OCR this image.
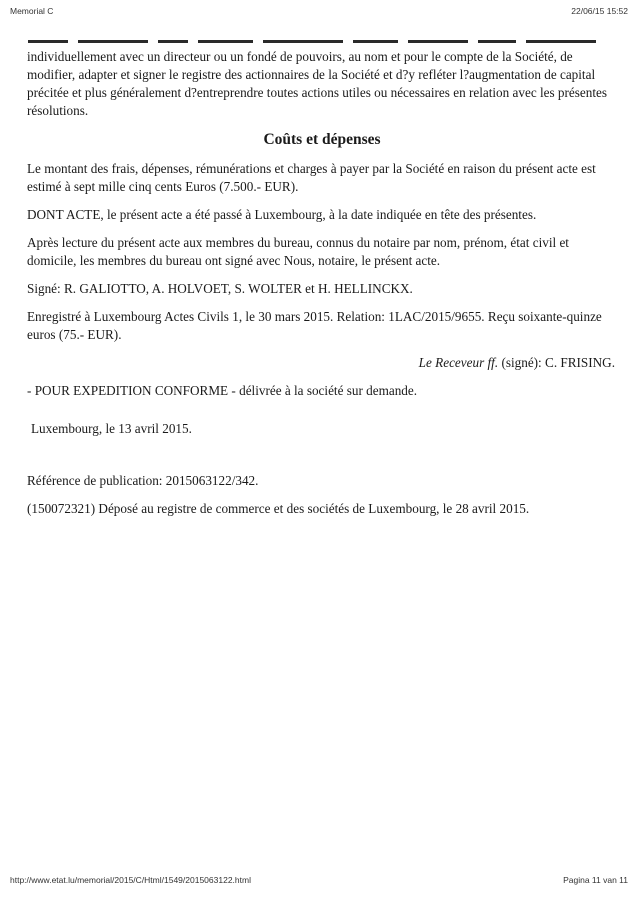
Memorial C	22/06/15 15:52

individuellement avec un directeur ou un fondé de pouvoirs, au nom et pour le compte de la Société, de modifier, adapter et signer le registre des actionnaires de la Société et d?y refléter l?augmentation de capital précitée et plus généralement d?entreprendre toutes actions utiles ou nécessaires en relation avec les présentes résolutions.

Coûts et dépenses

Le montant des frais, dépenses, rémunérations et charges à payer par la Société en raison du présent acte est estimé à sept mille cinq cents Euros (7.500.- EUR).

DONT ACTE, le présent acte a été passé à Luxembourg, à la date indiquée en tête des présentes.

Après lecture du présent acte aux membres du bureau, connus du notaire par nom, prénom, état civil et domicile, les membres du bureau ont signé avec Nous, notaire, le présent acte.

Signé: R. GALIOTTO, A. HOLVOET, S. WOLTER et H. HELLINCKX.

Enregistré à Luxembourg Actes Civils 1, le 30 mars 2015. Relation: 1LAC/2015/9655. Reçu soixante-quinze euros (75.- EUR).

Le Receveur ff. (signé): C. FRISING.

- POUR EXPEDITION CONFORME - délivrée à la société sur demande.

Luxembourg, le 13 avril 2015.

Référence de publication: 2015063122/342.

(150072321) Déposé au registre de commerce et des sociétés de Luxembourg, le 28 avril 2015.

http://www.etat.lu/memorial/2015/C/Html/1549/2015063122.html	Pagina 11 van 11
